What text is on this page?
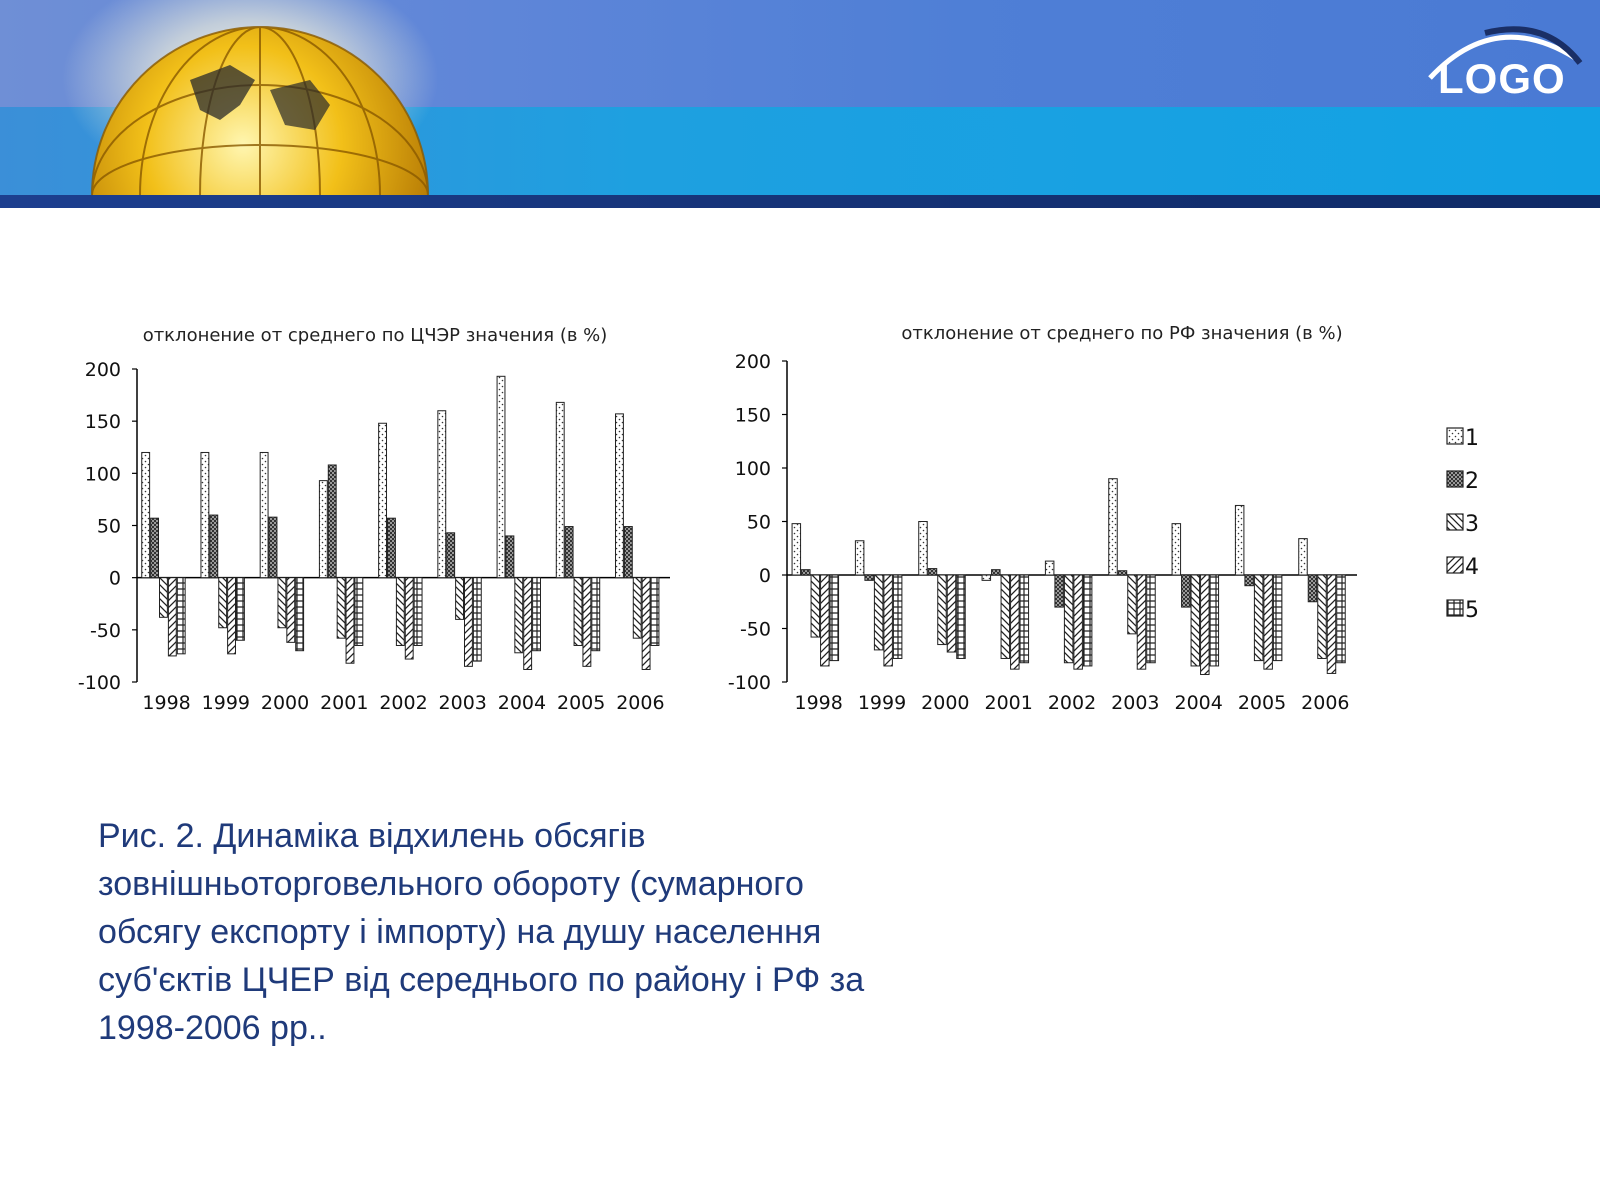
LOGO
отклонение от среднего по ЦЧЭР значения (в %)
200
150
100
50
0
-50
-100
1998 1999 2000 2001 2002 2003 2004 2005 2006
отклонение от среднего по РФ значения (в %)
200
150
100
50
0
-50
-100
1998 1999 2000 2001 2002 2003 2004 2005 2006
1
2
3
4
5
Рис. 2. Динаміка відхилень обсягів зовнішньоторговельного обороту (сумарного обсягу експорту і імпорту) на душу населення суб'єктів ЦЧЕР від середнього по району і РФ за 1998-2006 рр..
